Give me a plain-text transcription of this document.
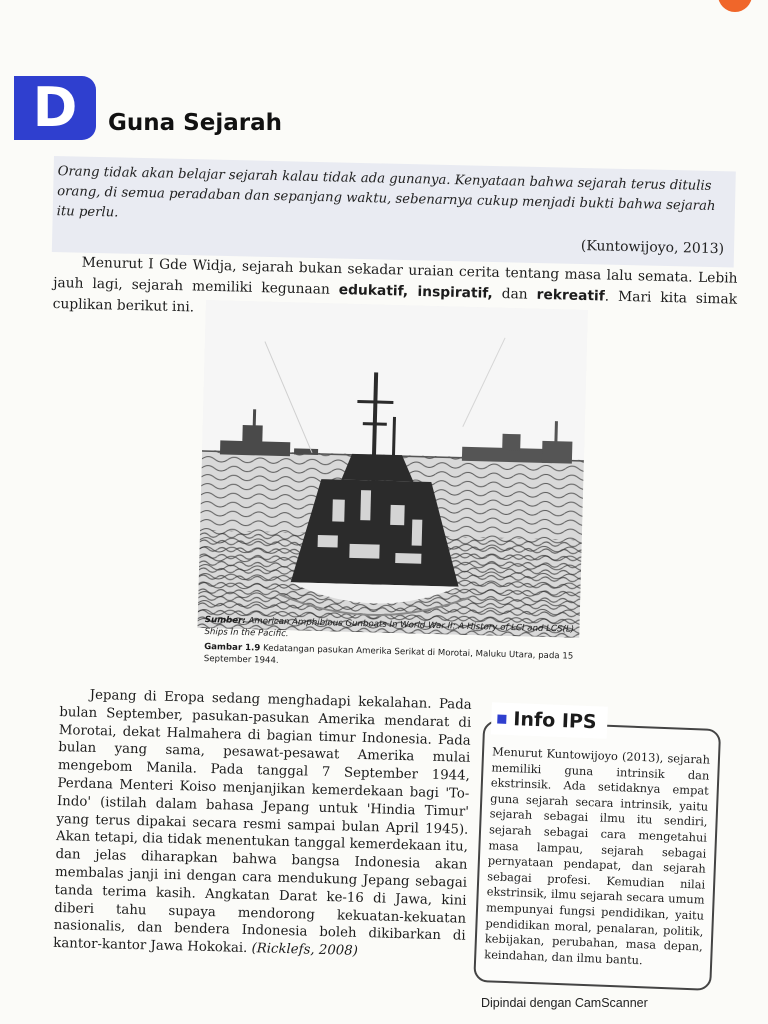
D	Guna Sejarah

Orang tidak akan belajar sejarah kalau tidak ada gunanya. Kenyataan bahwa sejarah terus ditulis orang, di semua peradaban dan sepanjang waktu, sebenarnya cukup menjadi bukti bahwa sejarah itu perlu.

(Kuntowijoyo, 2013)

Menurut I Gde Widja, sejarah bukan sekadar uraian cerita tentang masa lalu semata. Lebih jauh lagi, sejarah memiliki kegunaan edukatif, inspiratif, dan rekreatif. Mari kita simak cuplikan berikut ini.

Sumber: American Amphibious Gunboats In World War II: A History of LCI and LCS(L) Ships In the Pacific.

Gambar 1.9 Kedatangan pasukan Amerika Serikat di Morotai, Maluku Utara, pada 15 September 1944.

Jepang di Eropa sedang menghadapi kekalahan. Pada bulan September, pasukan-pasukan Amerika mendarat di Morotai, dekat Halmahera di bagian timur Indonesia. Pada bulan yang sama, pesawat-pesawat Amerika mulai mengebom Manila. Pada tanggal 7 September 1944, Perdana Menteri Koiso menjanjikan kemerdekaan bagi 'To-Indo' (istilah dalam bahasa Jepang untuk 'Hindia Timur' yang terus dipakai secara resmi sampai bulan April 1945). Akan tetapi, dia tidak menentukan tanggal kemerdekaan itu, dan jelas diharapkan bahwa bangsa Indonesia akan membalas janji ini dengan cara mendukung Jepang sebagai tanda terima kasih. Angkatan Darat ke-16 di Jawa, kini diberi tahu supaya mendorong kekuatan-kekuatan nasionalis, dan bendera Indonesia boleh dikibarkan di kantor-kantor Jawa Hokokai. (Ricklefs, 2008)

Info IPS

Menurut Kuntowijoyo (2013), sejarah memiliki guna intrinsik dan ekstrinsik. Ada setidaknya empat guna sejarah secara intrinsik, yaitu sejarah sebagai ilmu itu sendiri, sejarah sebagai cara mengetahui masa lampau, sejarah sebagai pernyataan pendapat, dan sejarah sebagai profesi. Kemudian nilai ekstrinsik, ilmu sejarah secara umum mempunyai fungsi pendidikan, yaitu pendidikan moral, penalaran, politik, kebijakan, perubahan, masa depan, keindahan, dan ilmu bantu.

Dipindai dengan CamScanner
